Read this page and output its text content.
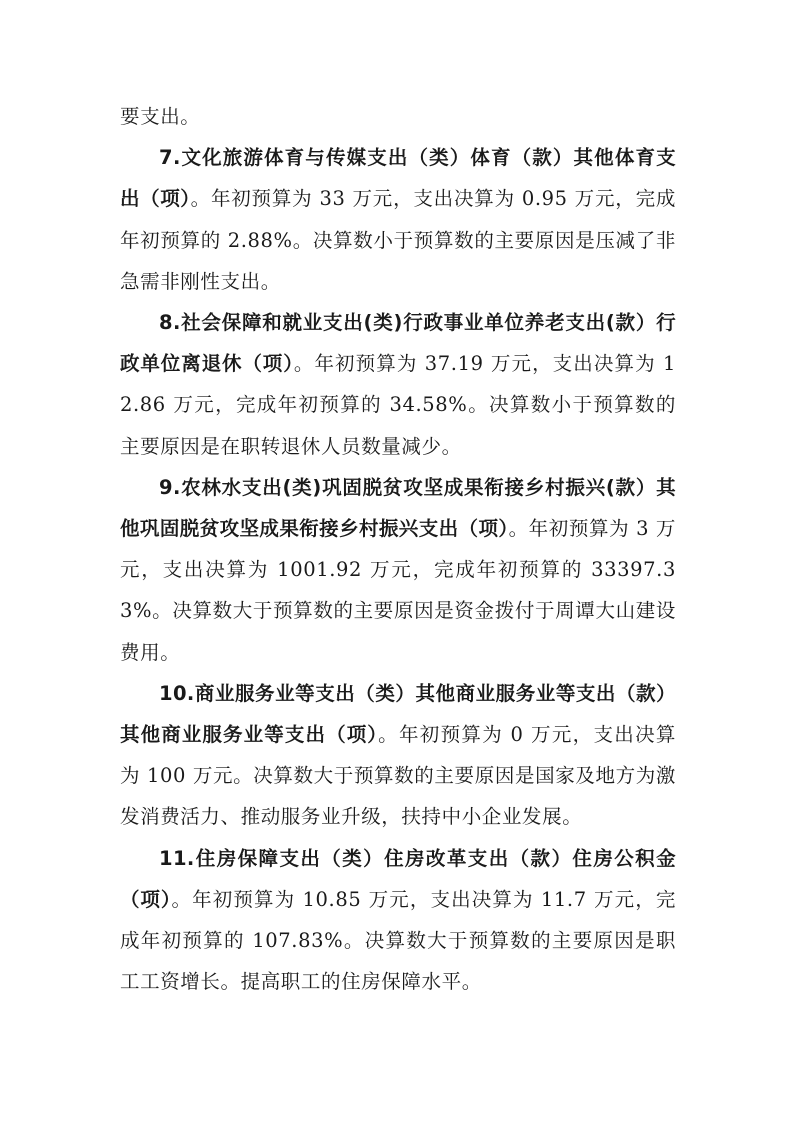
要支出。

7.文化旅游体育与传媒支出（类）体育（款）其他体育支出（项）。年初预算为 33 万元，支出决算为 0.95 万元，完成年初预算的 2.88%。决算数小于预算数的主要原因是压减了非急需非刚性支出。

8.社会保障和就业支出(类)行政事业单位养老支出(款）行政单位离退休（项）。年初预算为 37.19 万元，支出决算为 12.86 万元，完成年初预算的 34.58%。决算数小于预算数的主要原因是在职转退休人员数量减少。

9.农林水支出(类)巩固脱贫攻坚成果衔接乡村振兴(款）其他巩固脱贫攻坚成果衔接乡村振兴支出（项）。年初预算为 3 万元，支出决算为 1001.92 万元，完成年初预算的 33397.33%。决算数大于预算数的主要原因是资金拨付于周谭大山建设费用。

10.商业服务业等支出（类）其他商业服务业等支出（款）其他商业服务业等支出（项）。年初预算为 0 万元，支出决算为 100 万元。决算数大于预算数的主要原因是国家及地方为激发消费活力、推动服务业升级，扶持中小企业发展。

11.住房保障支出（类）住房改革支出（款）住房公积金（项）。年初预算为 10.85 万元，支出决算为 11.7 万元，完成年初预算的 107.83%。决算数大于预算数的主要原因是职工工资增长。提高职工的住房保障水平。
